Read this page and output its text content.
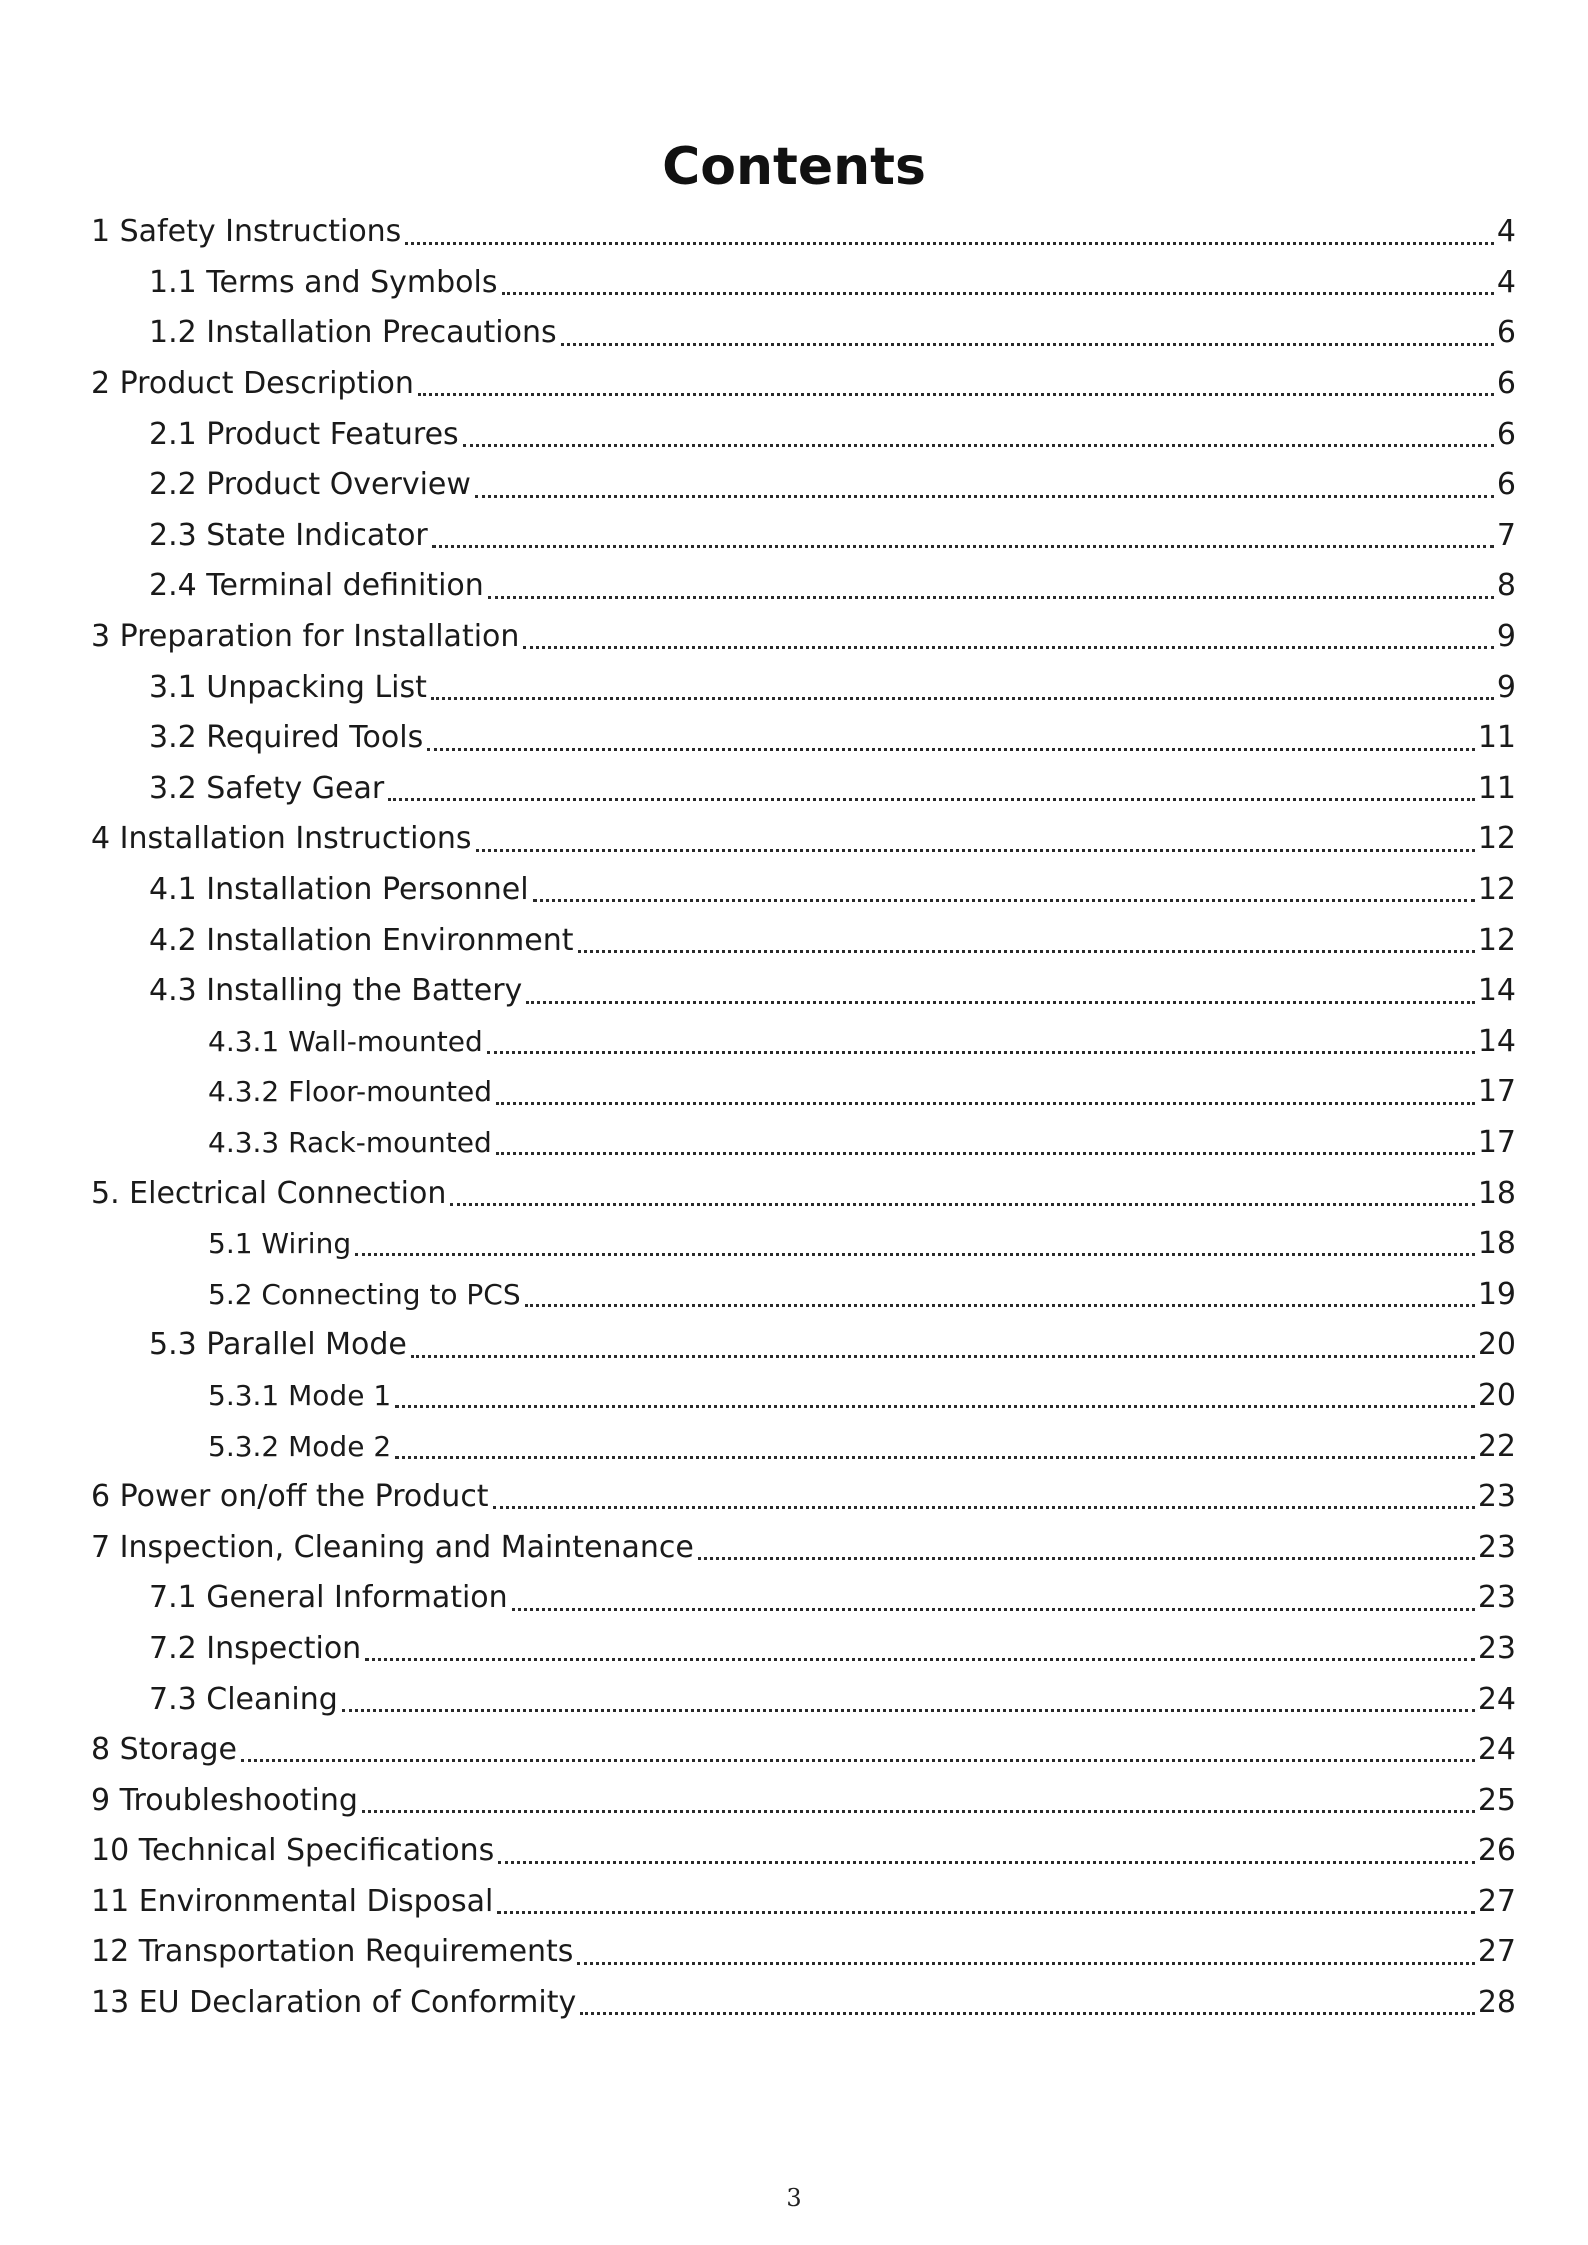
Contents
1 Safety Instructions	4
1.1 Terms and Symbols	4
1.2 Installation Precautions	6
2 Product Description	6
2.1 Product Features	6
2.2 Product Overview	6
2.3 State Indicator	7
2.4 Terminal definition	8
3 Preparation for Installation	9
3.1 Unpacking List	9
3.2 Required Tools	11
3.2 Safety Gear	11
4 Installation Instructions	12
4.1 Installation Personnel	12
4.2 Installation Environment	12
4.3 Installing the Battery	14
4.3.1 Wall-mounted	14
4.3.2 Floor-mounted	17
4.3.3 Rack-mounted	17
5. Electrical Connection	18
5.1 Wiring	18
5.2 Connecting to PCS	19
5.3 Parallel Mode	20
5.3.1 Mode 1	20
5.3.2 Mode 2	22
6 Power on/off the Product	23
7 Inspection, Cleaning and Maintenance	23
7.1 General Information	23
7.2 Inspection	23
7.3 Cleaning	24
8 Storage	24
9 Troubleshooting	25
10 Technical Specifications	26
11 Environmental Disposal	27
12 Transportation Requirements	27
13 EU Declaration of Conformity	28
3
